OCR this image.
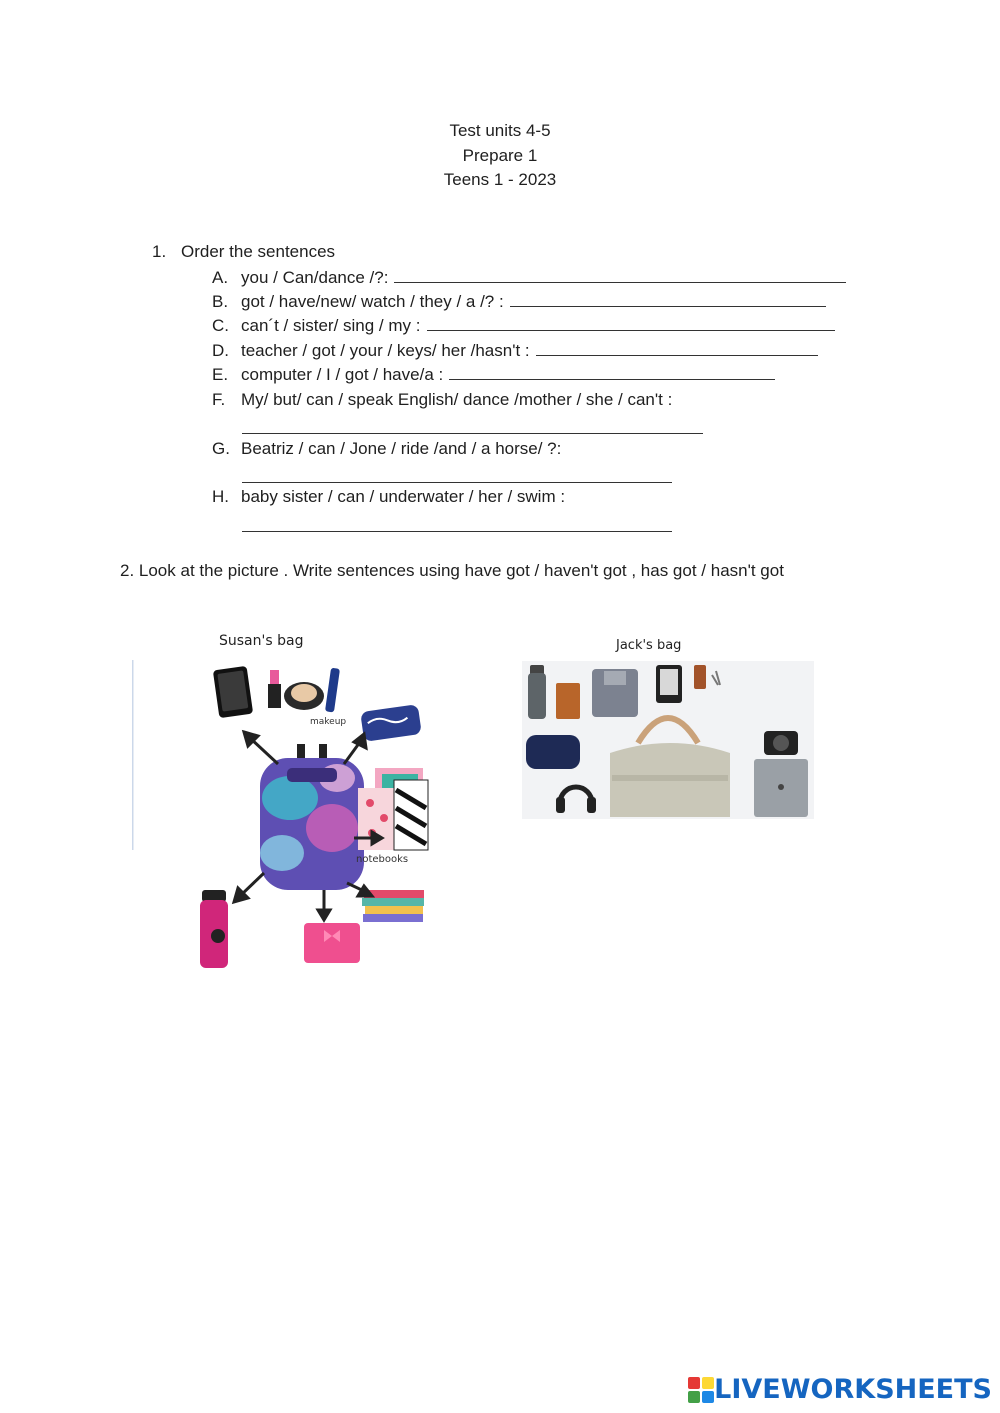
Test units 4-5
Prepare 1
Teens 1 - 2023
1. Order the sentences
A. you / Can/dance /?:
B. got / have/new/ watch / they / a /? :
C. can´t / sister/ sing / my :
D. teacher / got / your / keys/ her /hasn't :
E. computer / I / got / have/a :
F. My/ but/ can / speak English/ dance /mother / she / can't :
G. Beatriz / can / Jone / ride /and / a horse/ ?:
H. baby sister / can / underwater / her / swim :
2. Look at the picture . Write sentences using have got / haven't got , has got / hasn't got
Susan's bag
makeup
notebooks
Jack's bag
LIVEWORKSHEETS
